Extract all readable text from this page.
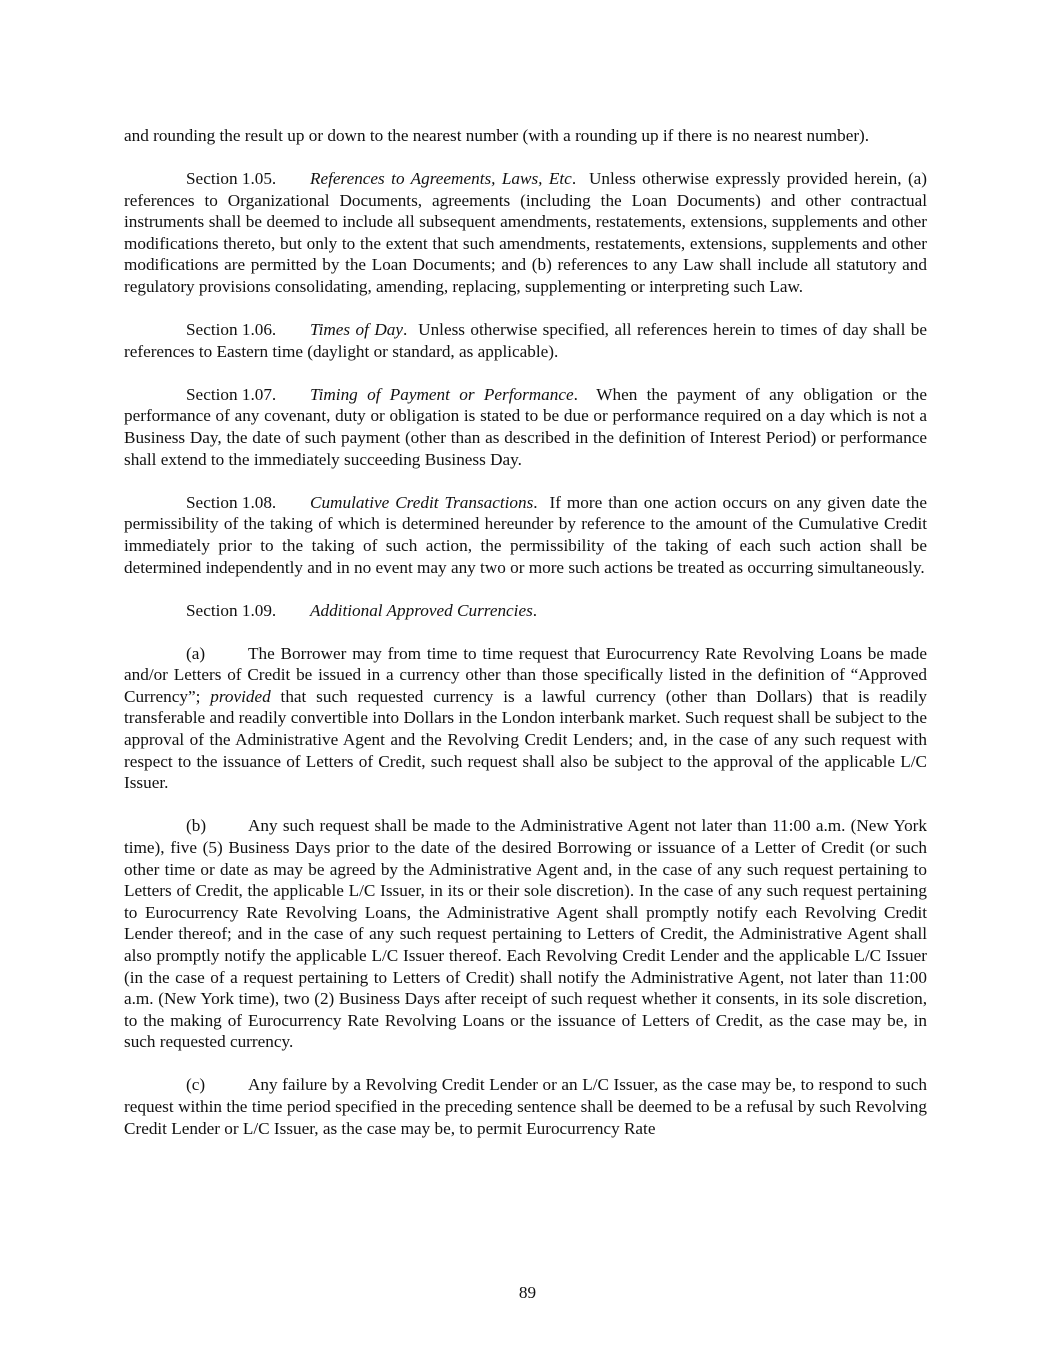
and rounding the result up or down to the nearest number (with a rounding up if there is no nearest number).

Section 1.05. References to Agreements, Laws, Etc.  Unless otherwise expressly provided herein, (a) references to Organizational Documents, agreements (including the Loan Documents) and other contractual instruments shall be deemed to include all subsequent amendments, restatements, extensions, supplements and other modifications thereto, but only to the extent that such amendments, restatements, extensions, supplements and other modifications are permitted by the Loan Documents; and (b) references to any Law shall include all statutory and regulatory provisions consolidating, amending, replacing, supplementing or interpreting such Law.

Section 1.06. Times of Day.  Unless otherwise specified, all references herein to times of day shall be references to Eastern time (daylight or standard, as applicable).

Section 1.07. Timing of Payment or Performance.  When the payment of any obligation or the performance of any covenant, duty or obligation is stated to be due or performance required on a day which is not a Business Day, the date of such payment (other than as described in the definition of Interest Period) or performance shall extend to the immediately succeeding Business Day.

Section 1.08. Cumulative Credit Transactions.  If more than one action occurs on any given date the permissibility of the taking of which is determined hereunder by reference to the amount of the Cumulative Credit immediately prior to the taking of such action, the permissibility of the taking of each such action shall be determined independently and in no event may any two or more such actions be treated as occurring simultaneously.

Section 1.09. Additional Approved Currencies.

(a) The Borrower may from time to time request that Eurocurrency Rate Revolving Loans be made and/or Letters of Credit be issued in a currency other than those specifically listed in the definition of “Approved Currency”; provided that such requested currency is a lawful currency (other than Dollars) that is readily transferable and readily convertible into Dollars in the London interbank market. Such request shall be subject to the approval of the Administrative Agent and the Revolving Credit Lenders; and, in the case of any such request with respect to the issuance of Letters of Credit, such request shall also be subject to the approval of the applicable L/C Issuer.

(b) Any such request shall be made to the Administrative Agent not later than 11:00 a.m. (New York time), five (5) Business Days prior to the date of the desired Borrowing or issuance of a Letter of Credit (or such other time or date as may be agreed by the Administrative Agent and, in the case of any such request pertaining to Letters of Credit, the applicable L/C Issuer, in its or their sole discretion). In the case of any such request pertaining to Eurocurrency Rate Revolving Loans, the Administrative Agent shall promptly notify each Revolving Credit Lender thereof; and in the case of any such request pertaining to Letters of Credit, the Administrative Agent shall also promptly notify the applicable L/C Issuer thereof. Each Revolving Credit Lender and the applicable L/C Issuer (in the case of a request pertaining to Letters of Credit) shall notify the Administrative Agent, not later than 11:00 a.m. (New York time), two (2) Business Days after receipt of such request whether it consents, in its sole discretion, to the making of Eurocurrency Rate Revolving Loans or the issuance of Letters of Credit, as the case may be, in such requested currency.

(c) Any failure by a Revolving Credit Lender or an L/C Issuer, as the case may be, to respond to such request within the time period specified in the preceding sentence shall be deemed to be a refusal by such Revolving Credit Lender or L/C Issuer, as the case may be, to permit Eurocurrency Rate

89
